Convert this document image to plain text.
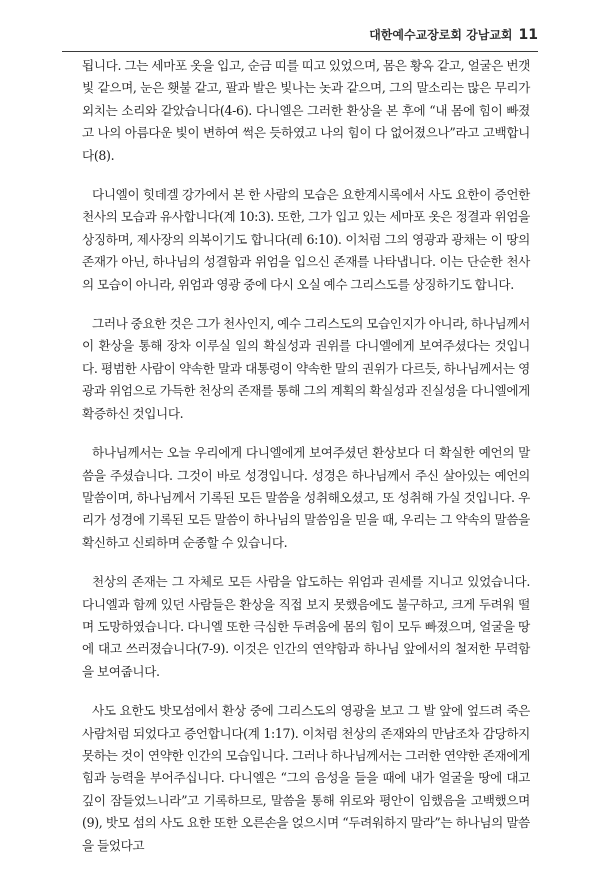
대한예수교장로회 강남교회 11

됩니다. 그는 세마포 옷을 입고, 순금 띠를 띠고 있었으며, 몸은 황옥 같고, 얼굴은 번갯빛 같으며, 눈은 횃불 같고, 팔과 발은 빛나는 놋과 같으며, 그의 말소리는 많은 무리가 외치는 소리와 같았습니다(4-6). 다니엘은 그러한 환상을 본 후에 “내 몸에 힘이 빠졌고 나의 아름다운 빛이 변하여 썩은 듯하였고 나의 힘이 다 없어졌으나”라고 고백합니다(8).

다니엘이 힛데겔 강가에서 본 한 사람의 모습은 요한계시록에서 사도 요한이 증언한 천사의 모습과 유사합니다(계 10:3). 또한, 그가 입고 있는 세마포 옷은 정결과 위엄을 상징하며, 제사장의 의복이기도 합니다(레 6:10). 이처럼 그의 영광과 광채는 이 땅의 존재가 아닌, 하나님의 성결함과 위엄을 입으신 존재를 나타냅니다. 이는 단순한 천사의 모습이 아니라, 위엄과 영광 중에 다시 오실 예수 그리스도를 상징하기도 합니다.

그러나 중요한 것은 그가 천사인지, 예수 그리스도의 모습인지가 아니라, 하나님께서 이 환상을 통해 장차 이루실 일의 확실성과 권위를 다니엘에게 보여주셨다는 것입니다. 평범한 사람이 약속한 말과 대통령이 약속한 말의 권위가 다르듯, 하나님께서는 영광과 위엄으로 가득한 천상의 존재를 통해 그의 계획의 확실성과 진실성을 다니엘에게 확증하신 것입니다.

하나님께서는 오늘 우리에게 다니엘에게 보여주셨던 환상보다 더 확실한 예언의 말씀을 주셨습니다. 그것이 바로 성경입니다. 성경은 하나님께서 주신 살아있는 예언의 말씀이며, 하나님께서 기록된 모든 말씀을 성취해오셨고, 또 성취해 가실 것입니다. 우리가 성경에 기록된 모든 말씀이 하나님의 말씀임을 믿을 때, 우리는 그 약속의 말씀을 확신하고 신뢰하며 순종할 수 있습니다.

천상의 존재는 그 자체로 모든 사람을 압도하는 위엄과 권세를 지니고 있었습니다. 다니엘과 함께 있던 사람들은 환상을 직접 보지 못했음에도 불구하고, 크게 두려워 떨며 도망하였습니다. 다니엘 또한 극심한 두려움에 몸의 힘이 모두 빠졌으며, 얼굴을 땅에 대고 쓰러졌습니다(7-9). 이것은 인간의 연약함과 하나님 앞에서의 철저한 무력함을 보여줍니다.

사도 요한도 밧모섬에서 환상 중에 그리스도의 영광을 보고 그 발 앞에 엎드려 죽은 사람처럼 되었다고 증언합니다(계 1:17). 이처럼 천상의 존재와의 만남조차 감당하지 못하는 것이 연약한 인간의 모습입니다. 그러나 하나님께서는 그러한 연약한 존재에게 힘과 능력을 부어주십니다. 다니엘은 “그의 음성을 들을 때에 내가 얼굴을 땅에 대고 깊이 잠들었느니라”고 기록하므로, 말씀을 통해 위로와 평안이 임했음을 고백했으며(9), 밧모 섬의 사도 요한 또한 오른손을 얹으시며 “두려워하지 말라”는 하나님의 말씀을 들었다고
